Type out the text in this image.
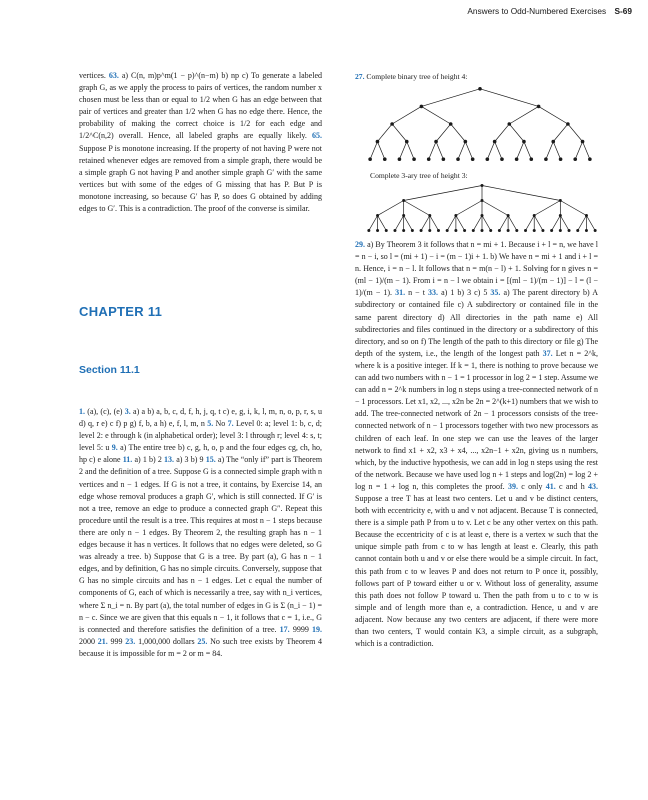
Answers to Odd-Numbered Exercises S-69

vertices. 63. a) C(n, m)p^m(1 − p)^(n−m) b) np c) To generate a labeled graph G, as we apply the process to pairs of vertices, the random number x chosen must be less than or equal to 1/2 when G has an edge between that pair of vertices and greater than 1/2 when G has no edge there. Hence, the probability of making the correct choice is 1/2 for each edge and 1/2^C(n,2) overall. Hence, all labeled graphs are equally likely. 65. Suppose P is monotone increasing. If the property of not having P were not retained whenever edges are removed from a simple graph, there would be a simple graph G not having P and another simple graph G′ with the same vertices but with some of the edges of G missing that has P. But P is monotone increasing, so because G′ has P, so does G obtained by adding edges to G′. This is a contradiction. The proof of the converse is similar.

CHAPTER 11
Section 11.1

1. (a), (c), (e) 3. a) a b) a, b, c, d, f, h, j, q, t c) e, g, i, k, l, m, n, o, p, r, s, u d) q, r e) c f) p g) f, b, a h) e, f, l, m, n 5. No 7. Level 0: a; level 1: b, c, d; level 2: e through k (in alphabetical order); level 3: l through r; level 4: s, t; level 5: u 9. a) The entire tree b) c, g, h, o, p and the four edges cg, ch, ho, hp c) e alone 11. a) 1 b) 2 13. a) 3 b) 9 15. a) The “only if” part is Theorem 2 and the definition of a tree. Suppose G is a connected simple graph with n vertices and n − 1 edges. If G is not a tree, it contains, by Exercise 14, an edge whose removal produces a graph G′, which is still connected. If G′ is not a tree, remove an edge to produce a connected graph G″. Repeat this procedure until the result is a tree. This requires at most n − 1 steps because there are only n − 1 edges. By Theorem 2, the resulting graph has n − 1 edges because it has n vertices. It follows that no edges were deleted, so G was already a tree. b) Suppose that G is a tree. By part (a), G has n − 1 edges, and by definition, G has no simple circuits. Conversely, suppose that G has no simple circuits and has n − 1 edges. Let c equal the number of components of G, each of which is necessarily a tree, say with n_i vertices, where Σ n_i = n. By part (a), the total number of edges in G is Σ (n_i − 1) = n − c. Since we are given that this equals n − 1, it follows that c = 1, i.e., G is connected and therefore satisfies the definition of a tree. 17. 9999 19. 2000 21. 999 23. 1,000,000 dollars 25. No such tree exists by Theorem 4 because it is impossible for m = 2 or m = 84.

27. Complete binary tree of height 4:
Complete 3-ary tree of height 3:

29. a) By Theorem 3 it follows that n = mi + 1. Because i + l = n, we have l = n − i, so l = (mi + 1) − i = (m − 1)i + 1. b) We have n = mi + 1 and i + l = n. Hence, i = n − l. It follows that n = m(n − l) + 1. Solving for n gives n = (ml − 1)/(m − 1). From i = n − l we obtain i = [(ml − 1)/(m − 1)] − l = (l − 1)/(m − 1). 31. n − t 33. a) 1 b) 3 c) 5 35. a) The parent directory b) A subdirectory or contained file c) A subdirectory or contained file in the same parent directory d) All directories in the path name e) All subdirectories and files continued in the directory or a subdirectory of this directory, and so on f) The length of the path to this directory or file g) The depth of the system, i.e., the length of the longest path 37. Let n = 2^k, where k is a positive integer. If k = 1, there is nothing to prove because we can add two numbers with n − 1 = 1 processor in log 2 = 1 step. Assume we can add n = 2^k numbers in log n steps using a tree-connected network of n − 1 processors. Let x1, x2, ..., x2n be 2n = 2^(k+1) numbers that we wish to add. The tree-connected network of 2n − 1 processors consists of the tree-connected network of n − 1 processors together with two new processors as children of each leaf. In one step we can use the leaves of the larger network to find x1 + x2, x3 + x4, ..., x2n−1 + x2n, giving us n numbers, which, by the inductive hypothesis, we can add in log n steps using the rest of the network. Because we have used log n + 1 steps and log(2n) = log 2 + log n = 1 + log n, this completes the proof. 39. c only 41. c and h 43. Suppose a tree T has at least two centers. Let u and v be distinct centers, both with eccentricity e, with u and v not adjacent. Because T is connected, there is a simple path P from u to v. Let c be any other vertex on this path. Because the eccentricity of c is at least e, there is a vertex w such that the unique simple path from c to w has length at least e. Clearly, this path cannot contain both u and v or else there would be a simple circuit. In fact, this path from c to w leaves P and does not return to P once it, possibly, follows part of P toward either u or v. Without loss of generality, assume this path does not follow P toward u. Then the path from u to c to w is simple and of length more than e, a contradiction. Hence, u and v are adjacent. Now because any two centers are adjacent, if there were more than two centers, T would contain K3, a simple circuit, as a subgraph, which is a contradiction.
